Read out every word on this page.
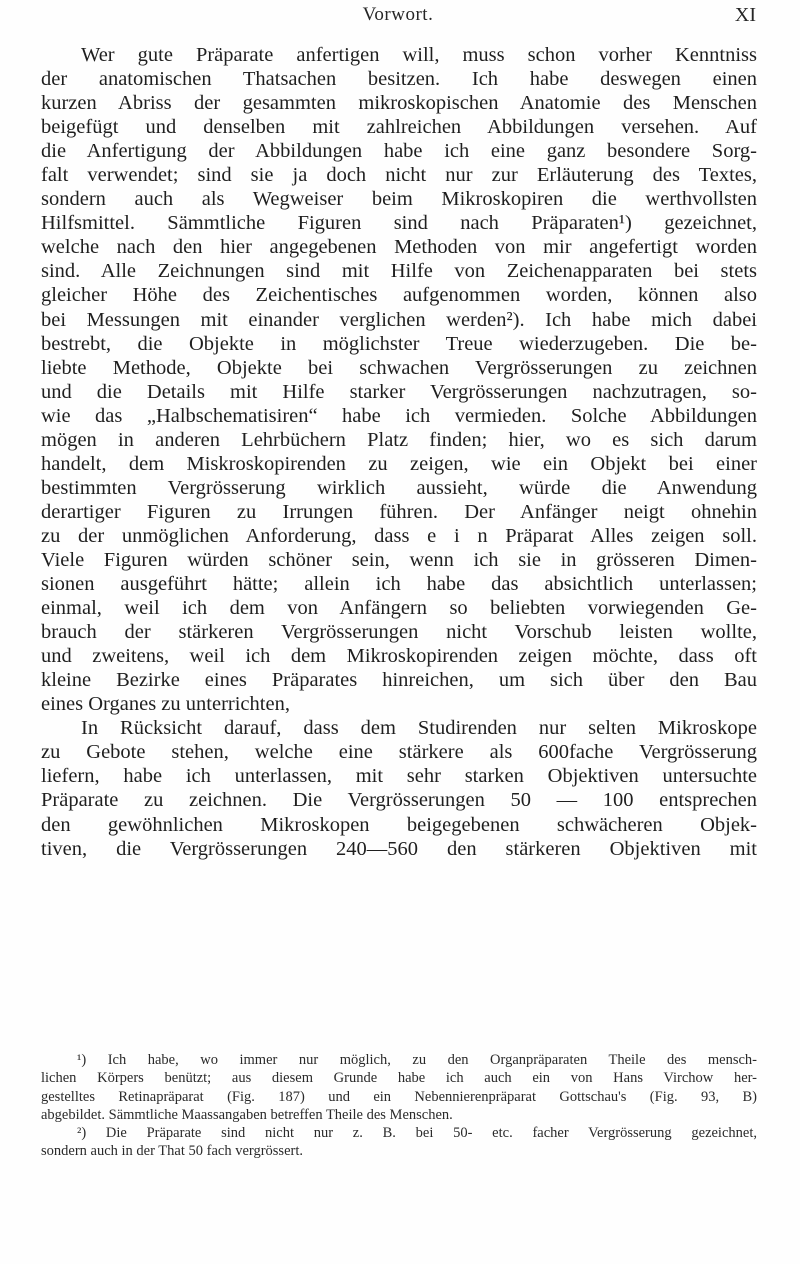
Vorwort.	XI
Wer gute Präparate anfertigen will, muss schon vorher Kenntniss
der anatomischen Thatsachen besitzen. Ich habe deswegen einen
kurzen Abriss der gesammten mikroskopischen Anatomie des Menschen
beigefügt und denselben mit zahlreichen Abbildungen versehen. Auf
die Anfertigung der Abbildungen habe ich eine ganz besondere Sorg-
falt verwendet; sind sie ja doch nicht nur zur Erläuterung des Textes,
sondern auch als Wegweiser beim Mikroskopiren die werthvollsten
Hilfsmittel. Sämmtliche Figuren sind nach Präparaten¹) gezeichnet,
welche nach den hier angegebenen Methoden von mir angefertigt worden
sind. Alle Zeichnungen sind mit Hilfe von Zeichenapparaten bei stets
gleicher Höhe des Zeichentisches aufgenommen worden, können also
bei Messungen mit einander verglichen werden²). Ich habe mich dabei
bestrebt, die Objekte in möglichster Treue wiederzugeben. Die be-
liebte Methode, Objekte bei schwachen Vergrösserungen zu zeichnen
und die Details mit Hilfe starker Vergrösserungen nachzutragen, so-
wie das „Halbschematisiren“ habe ich vermieden. Solche Abbildungen
mögen in anderen Lehrbüchern Platz finden; hier, wo es sich darum
handelt, dem Miskroskopirenden zu zeigen, wie ein Objekt bei einer
bestimmten Vergrösserung wirklich aussieht, würde die Anwendung
derartiger Figuren zu Irrungen führen. Der Anfänger neigt ohnehin
zu der unmöglichen Anforderung, dass e i n Präparat Alles zeigen soll.
Viele Figuren würden schöner sein, wenn ich sie in grösseren Dimen-
sionen ausgeführt hätte; allein ich habe das absichtlich unterlassen;
einmal, weil ich dem von Anfängern so beliebten vorwiegenden Ge-
brauch der stärkeren Vergrösserungen nicht Vorschub leisten wollte,
und zweitens, weil ich dem Mikroskopirenden zeigen möchte, dass oft
kleine Bezirke eines Präparates hinreichen, um sich über den Bau
eines Organes zu unterrichten,
In Rücksicht darauf, dass dem Studirenden nur selten Mikroskope
zu Gebote stehen, welche eine stärkere als 600fache Vergrösserung
liefern, habe ich unterlassen, mit sehr starken Objektiven untersuchte
Präparate zu zeichnen. Die Vergrösserungen 50 — 100 entsprechen
den gewöhnlichen Mikroskopen beigegebenen schwächeren Objek-
tiven, die Vergrösserungen 240—560 den stärkeren Objektiven mit
¹) Ich habe, wo immer nur möglich, zu den Organpräparaten Theile des mensch-
lichen Körpers benützt; aus diesem Grunde habe ich auch ein von Hans Virchow her-
gestelltes Retinapräparat (Fig. 187) und ein Nebennierenpräparat Gottschau's (Fig. 93, B)
abgebildet. Sämmtliche Maassangaben betreffen Theile des Menschen.
²) Die Präparate sind nicht nur z. B. bei 50- etc. facher Vergrösserung gezeichnet,
sondern auch in der That 50 fach vergrössert.
